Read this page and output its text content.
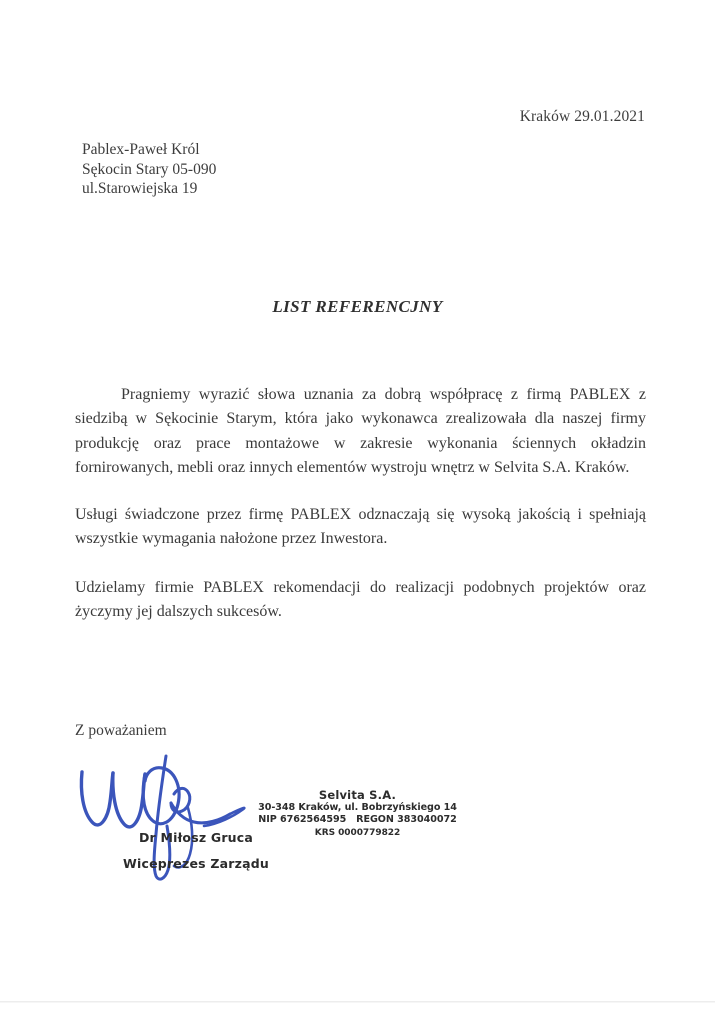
Kraków 29.01.2021
Pablex-Paweł Król
Sękocin Stary 05-090
ul.Starowiejska 19
LIST REFERENCJNY

Pragniemy wyrazić słowa uznania za dobrą współpracę z firmą PABLEX z siedzibą w Sękocinie Starym, która jako wykonawca zrealizowała dla naszej firmy produkcję oraz prace montażowe w zakresie wykonania ściennych okładzin fornirowanych, mebli oraz innych elementów wystroju wnętrz w Selvita S.A. Kraków.

Usługi świadczone przez firmę PABLEX odznaczają się wysoką jakością i spełniają wszystkie wymagania nałożone przez Inwestora.

Udzielamy firmie PABLEX rekomendacji do realizacji podobnych projektów oraz życzymy jej dalszych sukcesów.

Z poważaniem
Dr Miłosz Gruca
Wiceprezes Zarządu
Selvita S.A.
30-348 Kraków, ul. Bobrzyńskiego 14
NIP 6762564595   REGON 383040072
KRS 0000779822
